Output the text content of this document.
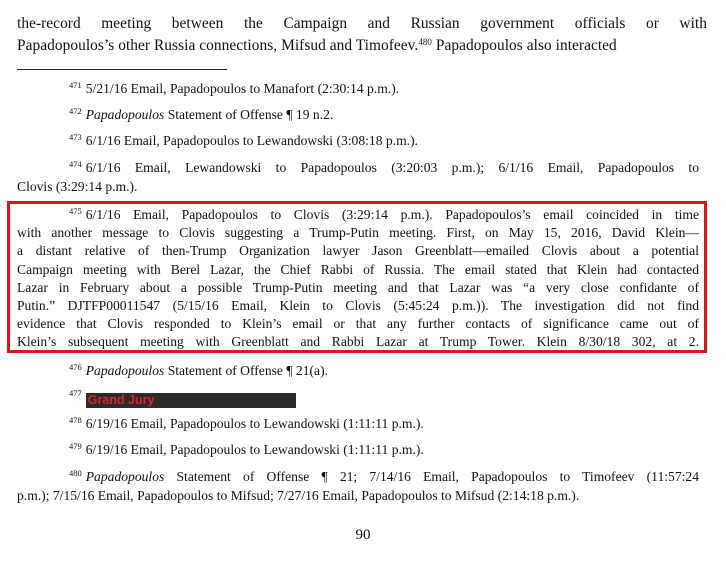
the-record meeting between the Campaign and Russian government officials or with
Papadopoulos’s other Russia connections, Mifsud and Timofeev.$^{480}$ Papadopoulos also interacted
$^{471}$ 5/21/16 Email, Papadopoulos to Manafort (2:30:14 p.m.).
$^{472}$ Papadopoulos Statement of Offense ¶ 19 n.2.
$^{473}$ 6/1/16 Email, Papadopoulos to Lewandowski (3:08:18 p.m.).
$^{474}$ 6/1/16 Email, Lewandowski to Papadopoulos (3:20:03 p.m.); 6/1/16 Email, Papadopoulos to
Clovis (3:29:14 p.m.).
$^{475}$ 6/1/16 Email, Papadopoulos to Clovis (3:29:14 p.m.). Papadopoulos’s email coincided in time
with another message to Clovis suggesting a Trump-Putin meeting. First, on May 15, 2016, David Klein—
a distant relative of then-Trump Organization lawyer Jason Greenblatt—emailed Clovis about a potential
Campaign meeting with Berel Lazar, the Chief Rabbi of Russia. The email stated that Klein had contacted
Lazar in February about a possible Trump-Putin meeting and that Lazar was “a very close confidante of
Putin.” DJTFP00011547 (5/15/16 Email, Klein to Clovis (5:45:24 p.m.)). The investigation did not find
evidence that Clovis responded to Klein’s email or that any further contacts of significance came out of
Klein’s subsequent meeting with Greenblatt and Rabbi Lazar at Trump Tower. Klein 8/30/18 302, at 2.
$^{476}$ Papadopoulos Statement of Offense ¶ 21(a).
$^{477}$ Grand Jury
$^{478}$ 6/19/16 Email, Papadopoulos to Lewandowski (1:11:11 p.m.).
$^{479}$ 6/19/16 Email, Papadopoulos to Lewandowski (1:11:11 p.m.).
$^{480}$ Papadopoulos Statement of Offense ¶ 21; 7/14/16 Email, Papadopoulos to Timofeev (11:57:24
p.m.); 7/15/16 Email, Papadopoulos to Mifsud; 7/27/16 Email, Papadopoulos to Mifsud (2:14:18 p.m.).
90
